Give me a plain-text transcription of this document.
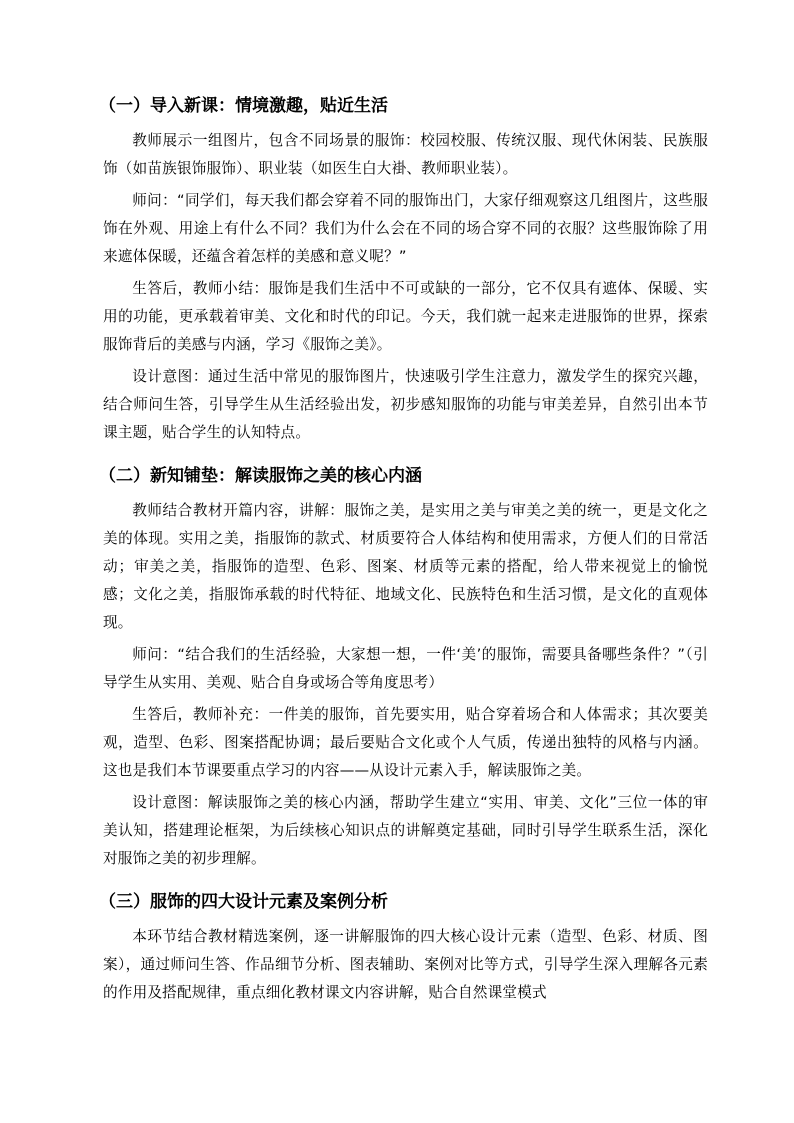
（一）导入新课：情境激趣，贴近生活

教师展示一组图片，包含不同场景的服饰：校园校服、传统汉服、现代休闲装、民族服饰（如苗族银饰服饰）、职业装（如医生白大褂、教师职业装）。

师问：“同学们，每天我们都会穿着不同的服饰出门，大家仔细观察这几组图片，这些服饰在外观、用途上有什么不同？我们为什么会在不同的场合穿不同的衣服？这些服饰除了用来遮体保暖，还蕴含着怎样的美感和意义呢？”

生答后，教师小结：服饰是我们生活中不可或缺的一部分，它不仅具有遮体、保暖、实用的功能，更承载着审美、文化和时代的印记。今天，我们就一起来走进服饰的世界，探索服饰背后的美感与内涵，学习《服饰之美》。

设计意图：通过生活中常见的服饰图片，快速吸引学生注意力，激发学生的探究兴趣，结合师问生答，引导学生从生活经验出发，初步感知服饰的功能与审美差异，自然引出本节课主题，贴合学生的认知特点。

（二）新知铺垫：解读服饰之美的核心内涵

教师结合教材开篇内容，讲解：服饰之美，是实用之美与审美之美的统一，更是文化之美的体现。实用之美，指服饰的款式、材质要符合人体结构和使用需求，方便人们的日常活动；审美之美，指服饰的造型、色彩、图案、材质等元素的搭配，给人带来视觉上的愉悦感；文化之美，指服饰承载的时代特征、地域文化、民族特色和生活习惯，是文化的直观体现。

师问：“结合我们的生活经验，大家想一想，一件‘美’的服饰，需要具备哪些条件？”（引导学生从实用、美观、贴合自身或场合等角度思考）

生答后，教师补充：一件美的服饰，首先要实用，贴合穿着场合和人体需求；其次要美观，造型、色彩、图案搭配协调；最后要贴合文化或个人气质，传递出独特的风格与内涵。这也是我们本节课要重点学习的内容——从设计元素入手，解读服饰之美。

设计意图：解读服饰之美的核心内涵，帮助学生建立“实用、审美、文化”三位一体的审美认知，搭建理论框架，为后续核心知识点的讲解奠定基础，同时引导学生联系生活，深化对服饰之美的初步理解。

（三）服饰的四大设计元素及案例分析

本环节结合教材精选案例，逐一讲解服饰的四大核心设计元素（造型、色彩、材质、图案），通过师问生答、作品细节分析、图表辅助、案例对比等方式，引导学生深入理解各元素的作用及搭配规律，重点细化教材课文内容讲解，贴合自然课堂模式
